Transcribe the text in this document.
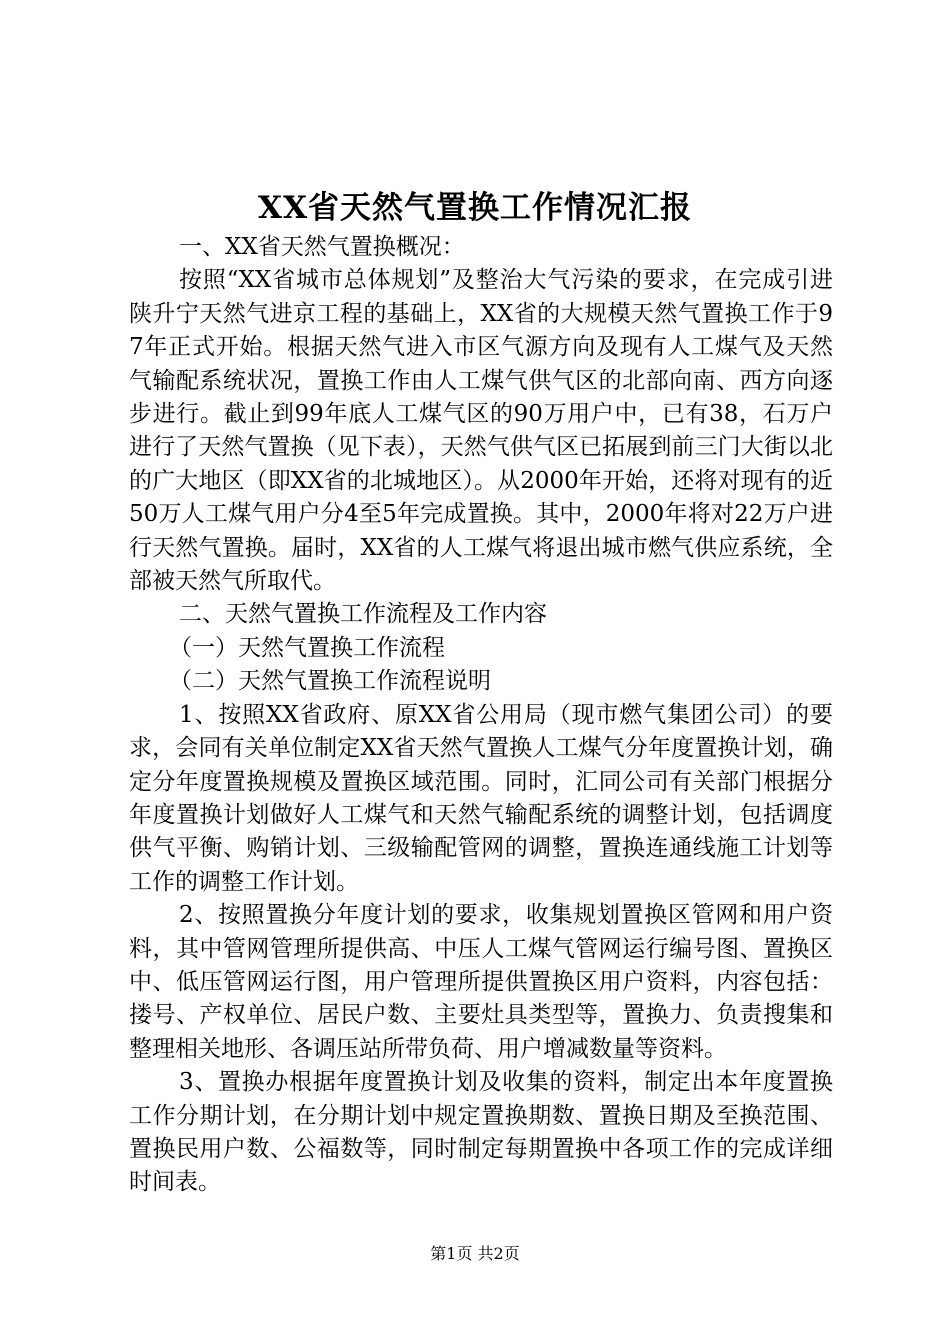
XX省天然气置换工作情况汇报

一、XX省天然气置换概况：

按照“XX省城市总体规划”及整治大气污染的要求，在完成引进陕升宁天然气进京工程的基础上，XX省的大规模天然气置换工作于97年正式开始。根据天然气进入市区气源方向及现有人工煤气及天然气输配系统状况，置换工作由人工煤气供气区的北部向南、西方向逐步进行。截止到99年底人工煤气区的90万用户中，已有38，石万户进行了天然气置换（见下表），天然气供气区已拓展到前三门大街以北的广大地区（即XX省的北城地区）。从2000年开始，还将对现有的近50万人工煤气用户分4至5年完成置换。其中，2000年将对22万户进行天然气置换。届时，XX省的人工煤气将退出城市燃气供应系统，全部被天然气所取代。

二、天然气置换工作流程及工作内容

（一）天然气置换工作流程

（二）天然气置换工作流程说明

1、按照XX省政府、原XX省公用局（现市燃气集团公司）的要求，会同有关单位制定XX省天然气置换人工煤气分年度置换计划，确定分年度置换规模及置换区域范围。同时，汇同公司有关部门根据分年度置换计划做好人工煤气和天然气输配系统的调整计划，包括调度供气平衡、购销计划、三级输配管网的调整，置换连通线施工计划等工作的调整工作计划。

2、按照置换分年度计划的要求，收集规划置换区管网和用户资料，其中管网管理所提供高、中压人工煤气管网运行编号图、置换区中、低压管网运行图，用户管理所提供置换区用户资料，内容包括：搂号、产权单位、居民户数、主要灶具类型等，置换力、负责搜集和整理相关地形、各调压站所带负荷、用户增减数量等资料。

3、置换办根据年度置换计划及收集的资料，制定出本年度置换工作分期计划，在分期计划中规定置换期数、置换日期及至换范围、置换民用户数、公福数等，同时制定每期置换中各项工作的完成详细时间表。

第1页 共2页
